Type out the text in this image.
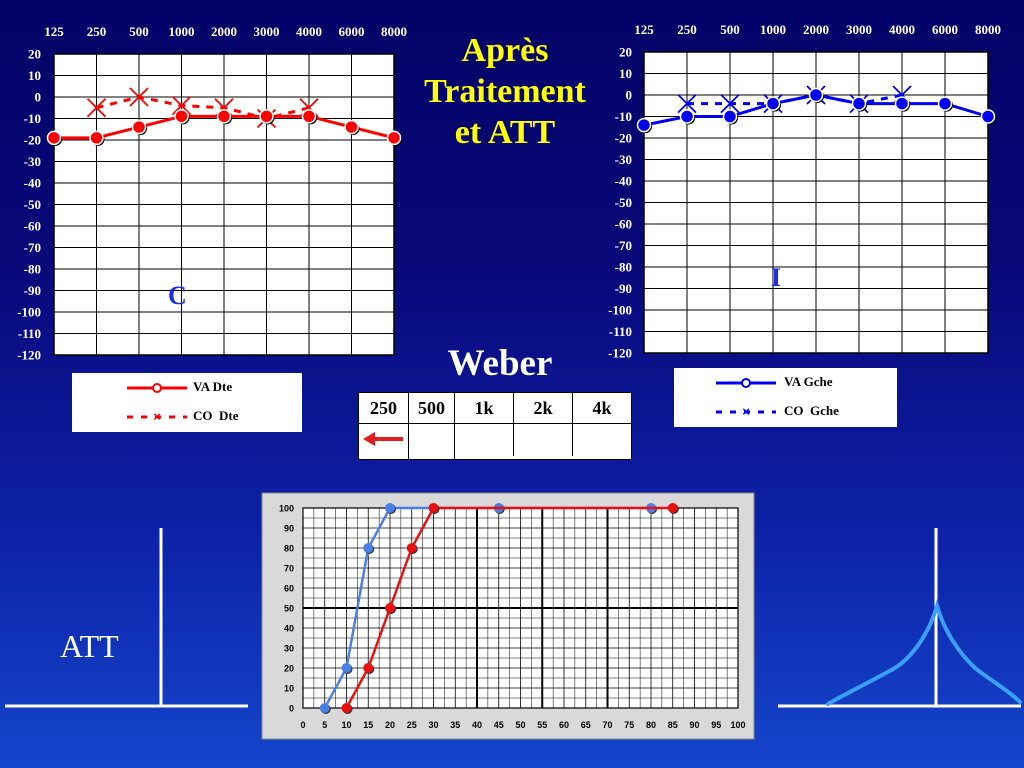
125 250 500 1000 2000 3000 4000 6000 8000
20
10
0
-10
-20
-30
-40
-50
-60
-70
-80
-90
-100
-110
-120
C
125 250 500 1000 2000 3000 4000 6000 8000
20
10
0
-10
-20
-30
-40
-50
-60
-70
-80
-90
-100
-110
-120
I
0 5 10 15 20 25 30 35 40 45 50 55 60 65 70 75 80 85 90 95 100
0
10
20
30
40
50
60
70
80
90
100
Après
Traitement
et ATT
×
VA Dte
CO  Dte	×
VA Gche
CO  Gche
Weber
250	500	1k	2k	4k

ATT
